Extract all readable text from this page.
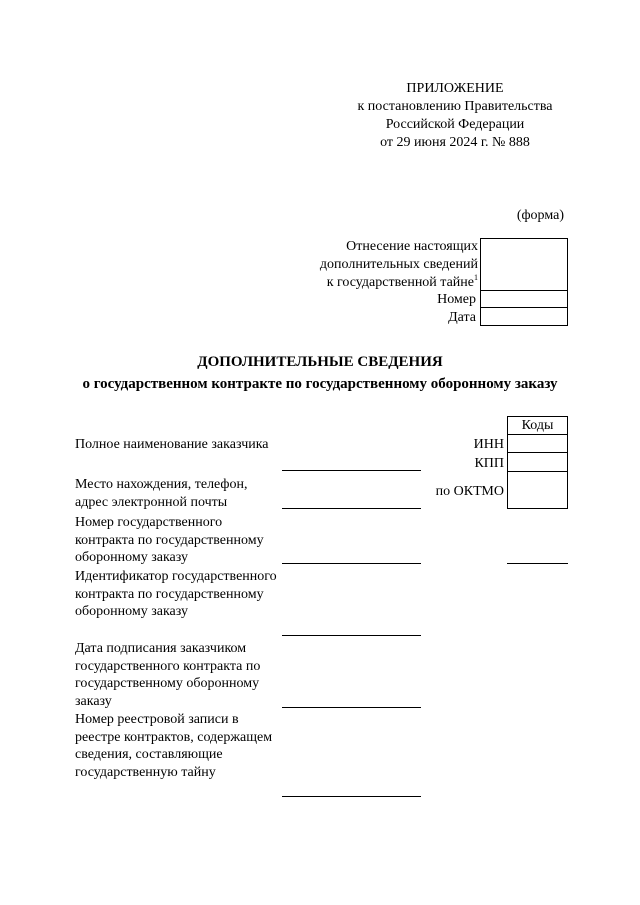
ПРИЛОЖЕНИЕ
к постановлению Правительства
Российской Федерации
от 29 июня 2024 г. № 888
(форма)
Отнесение настоящих
дополнительных сведений
к государственной тайне$^1$
Номер
Дата
ДОПОЛНИТЕЛЬНЫЕ СВЕДЕНИЯ
о государственном контракте по государственному оборонному заказу
Коды
ИНН
КПП
по ОКТМО
Полное наименование заказчика
Место нахождения, телефон, адрес электронной почты
Номер государственного контракта по государственному оборонному заказу
Идентификатор государственного контракта по государственному оборонному заказу
Дата подписания заказчиком государственного контракта по государственному оборонному заказу
Номер реестровой записи в реестре контрактов, содержащем сведения, составляющие государственную тайну
